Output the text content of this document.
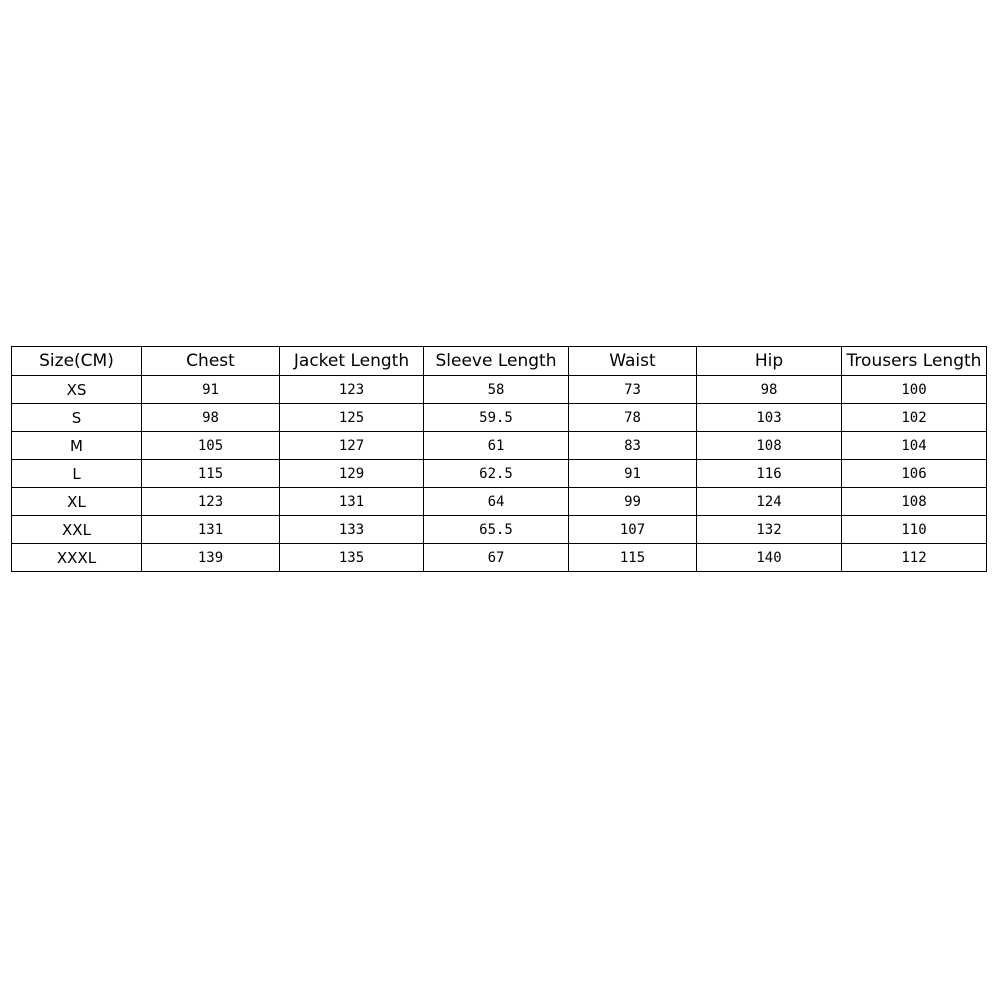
Size(CM)	Chest	Jacket Length	Sleeve Length	Waist	Hip	Trousers Length
XS	91	123	58	73	98	100
S	98	125	59.5	78	103	102
M	105	127	61	83	108	104
L	115	129	62.5	91	116	106
XL	123	131	64	99	124	108
XXL	131	133	65.5	107	132	110
XXXL	139	135	67	115	140	112
